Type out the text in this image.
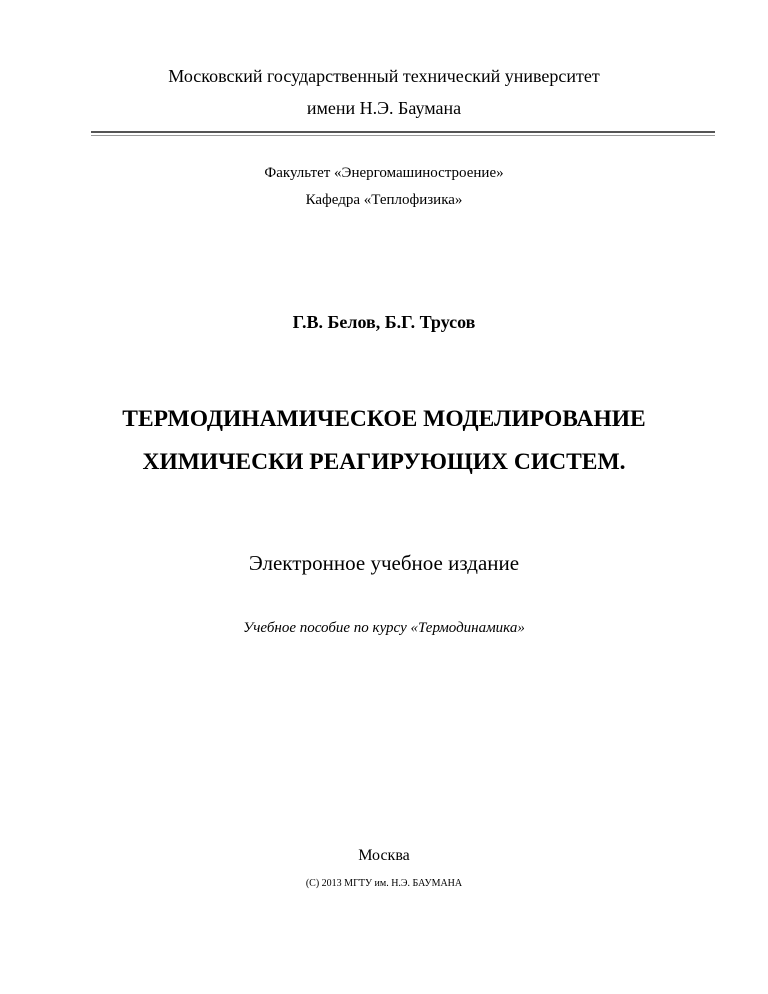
Московский государственный технический университет
имени Н.Э. Баумана
Факультет «Энергомашиностроение»
Кафедра «Теплофизика»
Г.В. Белов, Б.Г. Трусов
ТЕРМОДИНАМИЧЕСКОЕ МОДЕЛИРОВАНИЕ
ХИМИЧЕСКИ РЕАГИРУЮЩИХ СИСТЕМ.
Электронное учебное издание
Учебное пособие по курсу «Термодинамика»
Москва
(С) 2013 МГТУ им. Н.Э. БАУМАНА
